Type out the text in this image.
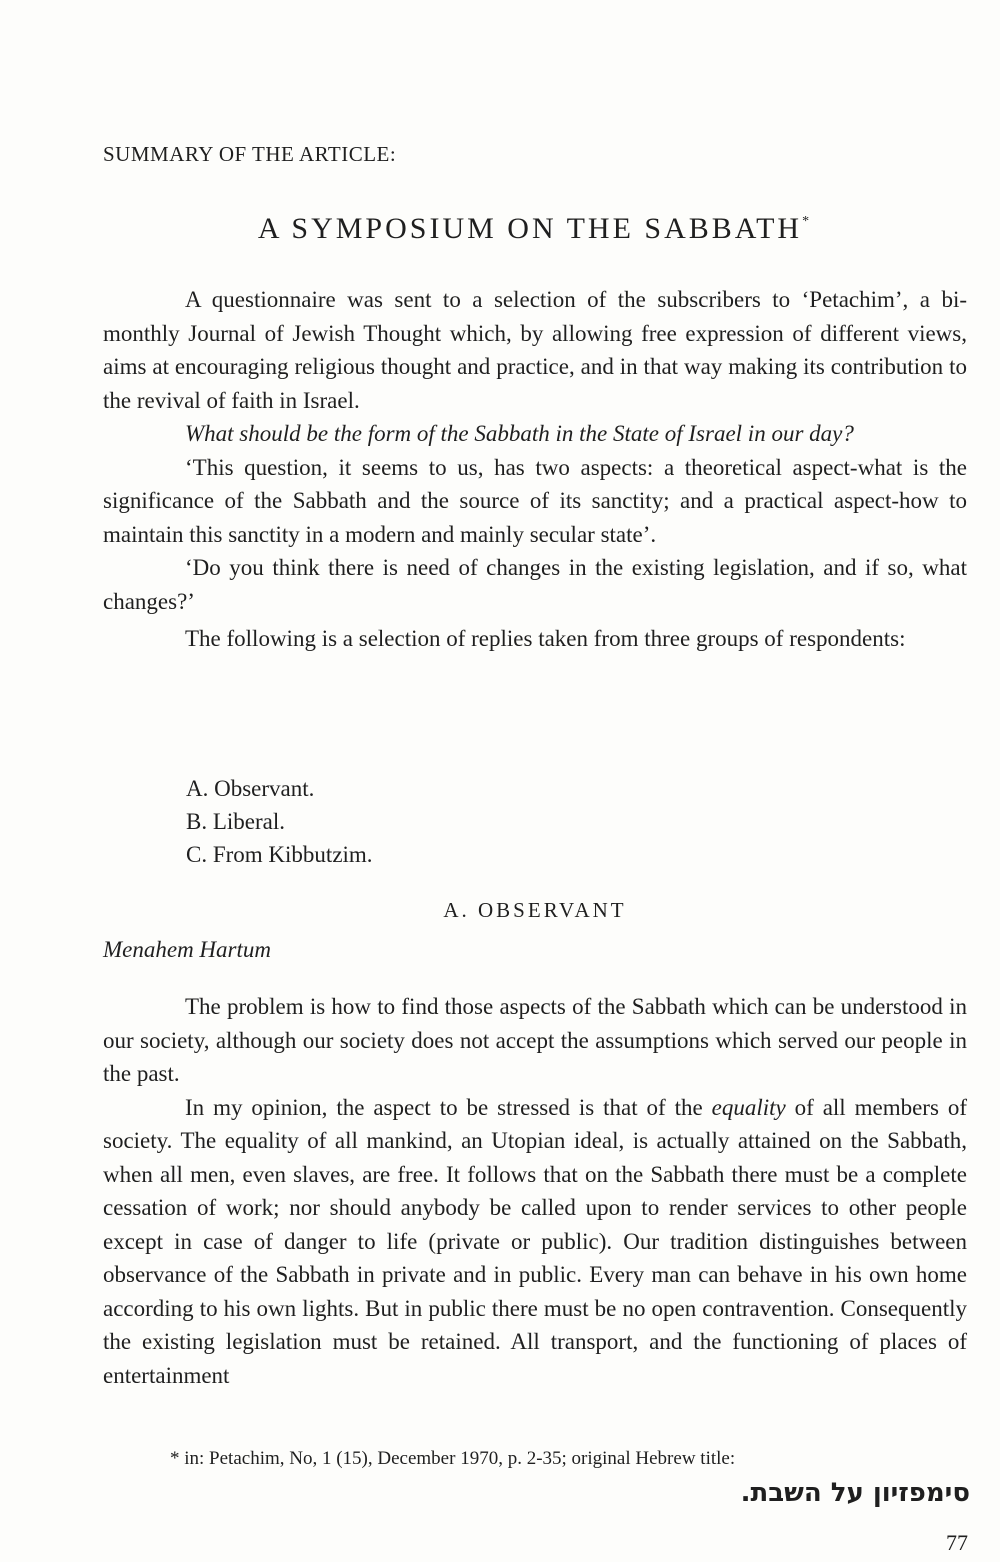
SUMMARY OF THE ARTICLE:
A SYMPOSIUM ON THE SABBATH*

A questionnaire was sent to a selection of the subscribers to ‘Petachim’, a bi-monthly Journal of Jewish Thought which, by allowing free expression of different views, aims at encouraging religious thought and practice, and in that way making its contribution to the revival of faith in Israel.

What should be the form of the Sabbath in the State of Israel in our day?

‘This question, it seems to us, has two aspects: a theoretical aspect-what is the significance of the Sabbath and the source of its sanctity; and a practical aspect-how to maintain this sanctity in a modern and mainly secular state’.

‘Do you think there is need of changes in the existing legislation, and if so, what changes?’

The following is a selection of replies taken from three groups of respondents:

A. Observant.
B. Liberal.
C. From Kibbutzim.
A. OBSERVANT
Menahem Hartum

The problem is how to find those aspects of the Sabbath which can be understood in our society, although our society does not accept the assumptions which served our people in the past.

In my opinion, the aspect to be stressed is that of the equality of all members of society. The equality of all mankind, an Utopian ideal, is actually attained on the Sabbath, when all men, even slaves, are free. It follows that on the Sabbath there must be a complete cessation of work; nor should anybody be called upon to render services to other people except in case of danger to life (private or public). Our tradition distinguishes between observance of the Sabbath in private and in public. Every man can behave in his own home according to his own lights. But in public there must be no open contravention. Consequently the existing legislation must be retained. All transport, and the functioning of places of entertainment

* in: Petachim, No, 1 (15), December 1970, p. 2-35; original Hebrew title:
סימפזיון על השבת.
77
